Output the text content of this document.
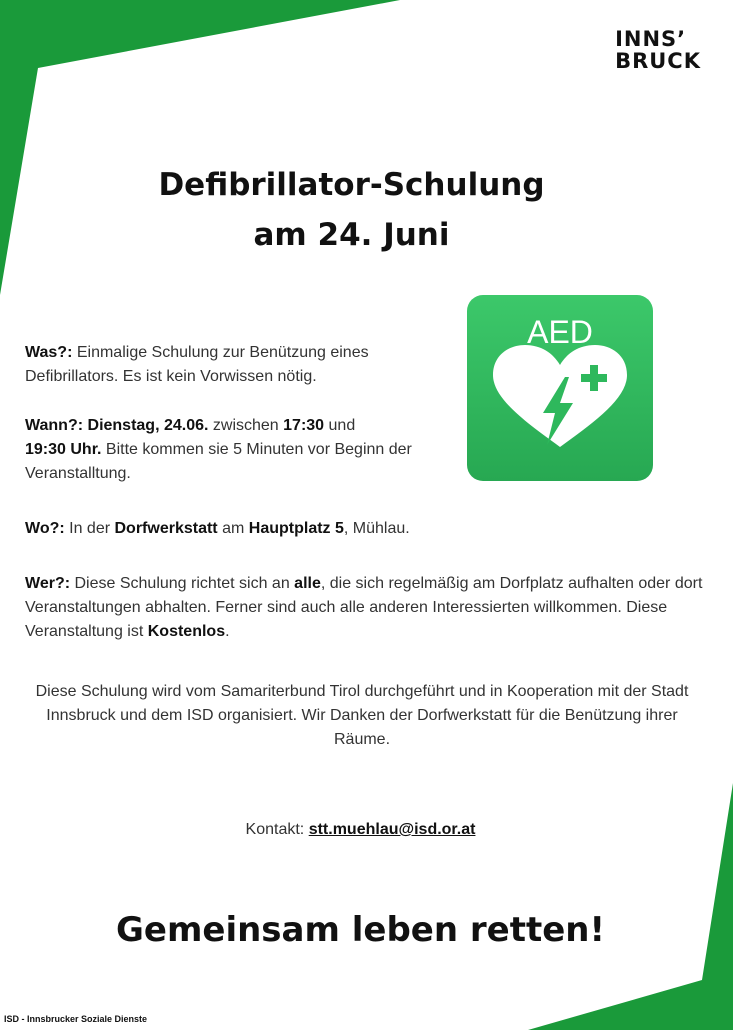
INNS’
BRUCK
Defibrillator-Schulung
am 24. Juni
AED
Was?: Einmalige Schulung zur Benützung eines Defibrillators. Es ist kein Vorwissen nötig.
Wann?: Dienstag, 24.06. zwischen 17:30 und
19:30 Uhr. Bitte kommen sie 5 Minuten vor Beginn der Veranstalltung.
Wo?: In der Dorfwerkstatt am Hauptplatz 5, Mühlau.
Wer?: Diese Schulung richtet sich an alle, die sich regelmäßig am Dorfplatz aufhalten oder dort Veranstaltungen abhalten. Ferner sind auch alle anderen Interessierten willkommen. Diese Veranstaltung ist Kostenlos.
Diese Schulung wird vom Samariterbund Tirol durchgeführt und in Kooperation mit der Stadt Innsbruck und dem ISD organisiert. Wir Danken der Dorfwerkstatt für die Benützung ihrer Räume.
Kontakt: stt.muehlau@isd.or.at
Gemeinsam leben retten!
ISD - Innsbrucker Soziale Dienste
